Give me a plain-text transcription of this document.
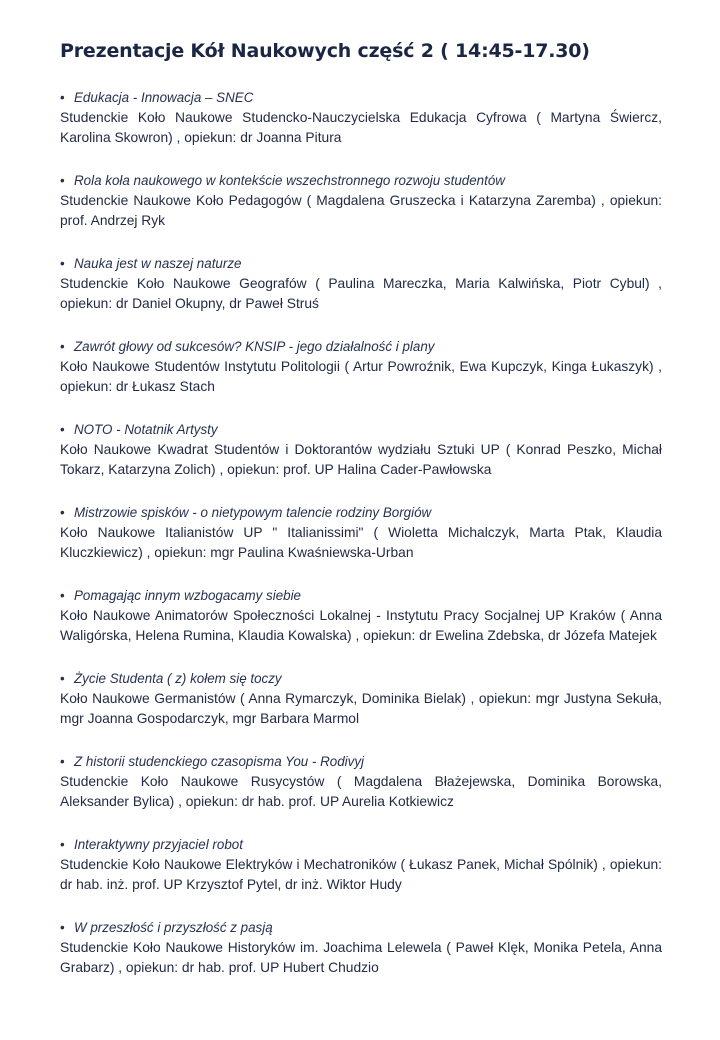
Prezentacje Kół Naukowych część 2 ( 14:45-17.30)
• Edukacja - Innowacja – SNEC
Studenckie Koło Naukowe Studencko-Nauczycielska Edukacja Cyfrowa ( Martyna Świercz, Karolina Skowron) , opiekun: dr Joanna Pitura
• Rola koła naukowego w kontekście wszechstronnego rozwoju studentów
Studenckie Naukowe Koło Pedagogów ( Magdalena Gruszecka i Katarzyna Zaremba) , opiekun: prof. Andrzej Ryk
• Nauka jest w naszej naturze
Studenckie Koło Naukowe Geografów ( Paulina Mareczka, Maria Kalwińska, Piotr Cybul) , opiekun: dr Daniel Okupny, dr Paweł Struś
• Zawrót głowy od sukcesów? KNSIP - jego działalność i plany
Koło Naukowe Studentów Instytutu Politologii ( Artur Powroźnik, Ewa Kupczyk, Kinga Łukaszyk) , opiekun: dr Łukasz Stach
• NOTO - Notatnik Artysty
Koło Naukowe Kwadrat Studentów i Doktorantów wydziału Sztuki UP ( Konrad Peszko, Michał Tokarz, Katarzyna Zolich) , opiekun: prof. UP Halina Cader-Pawłowska
• Mistrzowie spisków - o nietypowym talencie rodziny Borgiów
Koło Naukowe Italianistów UP " Italianissimi" ( Wioletta Michalczyk, Marta Ptak, Klaudia Kluczkiewicz) , opiekun: mgr Paulina Kwaśniewska-Urban
• Pomagając innym wzbogacamy siebie
Koło Naukowe Animatorów Społeczności Lokalnej - Instytutu Pracy Socjalnej UP Kraków ( Anna Waligórska, Helena Rumina, Klaudia Kowalska) , opiekun: dr Ewelina Zdebska, dr Józefa Matejek
• Życie Studenta ( z) kołem się toczy
Koło Naukowe Germanistów ( Anna Rymarczyk, Dominika Bielak) , opiekun: mgr Justyna Sekuła, mgr Joanna Gospodarczyk, mgr Barbara Marmol
• Z historii studenckiego czasopisma You - Rodivyj
Studenckie Koło Naukowe Rusycystów ( Magdalena Błażejewska, Dominika Borowska, Aleksander Bylica) , opiekun: dr hab. prof. UP Aurelia Kotkiewicz
• Interaktywny przyjaciel robot
Studenckie Koło Naukowe Elektryków i Mechatroników ( Łukasz Panek, Michał Spólnik) , opiekun: dr hab. inż. prof. UP Krzysztof Pytel, dr inż. Wiktor Hudy
• W przeszłość i przyszłość z pasją
Studenckie Koło Naukowe Historyków im. Joachima Lelewela ( Paweł Klęk, Monika Petela, Anna Grabarz) , opiekun: dr hab. prof. UP Hubert Chudzio
